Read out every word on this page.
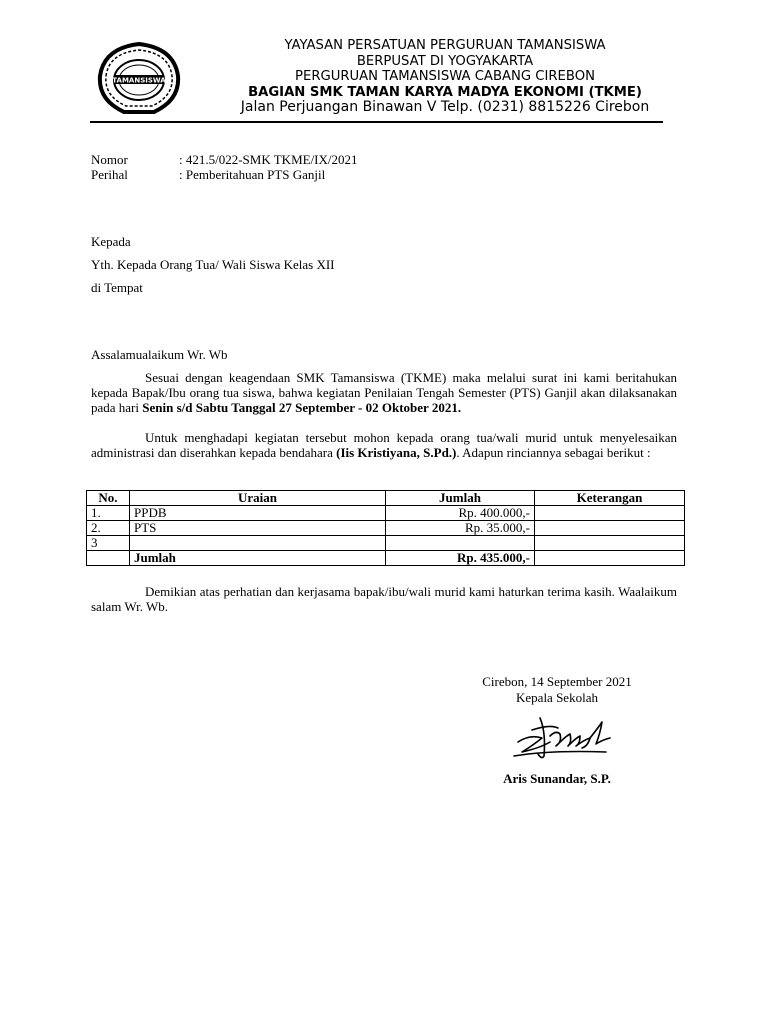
TAMANSISWA
YAYASAN PERSATUAN PERGURUAN TAMANSISWA
BERPUSAT DI YOGYAKARTA
PERGURUAN TAMANSISWA CABANG CIREBON
BAGIAN SMK TAMAN KARYA MADYA EKONOMI (TKME)
Jalan Perjuangan Binawan V Telp. (0231) 8815226 Cirebon
Nomor	: 421.5/022-SMK TKME/IX/2021
Perihal	: Pemberitahuan PTS Ganjil
Kepada
Yth. Kepada Orang Tua/ Wali Siswa Kelas XII
di Tempat
Assalamualaikum Wr. Wb
Sesuai dengan keagendaan SMK Tamansiswa (TKME) maka melalui surat ini kami beritahukan kepada Bapak/Ibu orang tua siswa, bahwa kegiatan Penilaian Tengah Semester (PTS) Ganjil akan dilaksanakan pada hari Senin s/d Sabtu Tanggal 27 September - 02 Oktober 2021.
Untuk menghadapi kegiatan tersebut mohon kepada orang tua/wali murid untuk menyelesaikan administrasi dan diserahkan kepada bendahara (Iis Kristiyana, S.Pd.). Adapun rinciannya sebagai berikut :
No.	Uraian	Jumlah	Keterangan
1.	PPDB	Rp. 400.000,-	
2.	PTS	Rp. 35.000,-	
3			
	Jumlah	Rp. 435.000,-	
Demikian atas perhatian dan kerjasama bapak/ibu/wali murid kami haturkan terima kasih. Waalaikum salam Wr. Wb.
Cirebon, 14 September 2021
Kepala Sekolah
Aris Sunandar, S.P.
